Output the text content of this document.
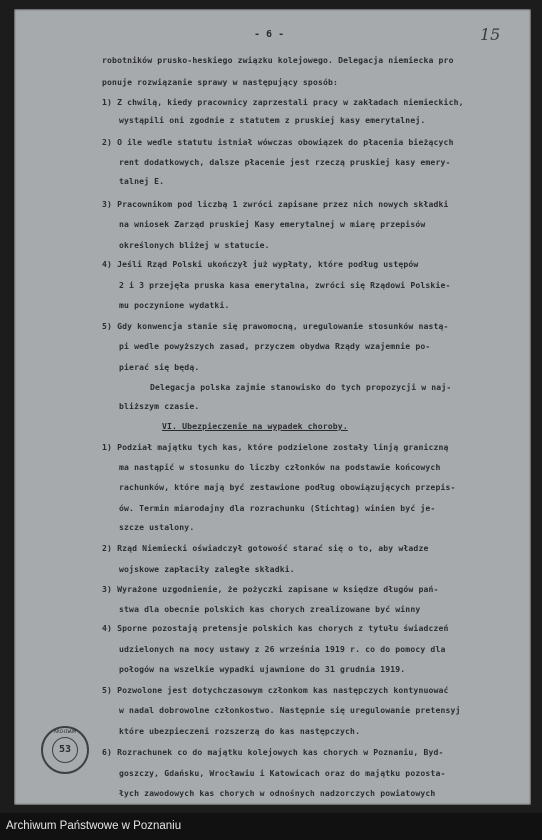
- 6 -	15
robotników prusko-heskiego związku kolejowego. Delegacja niemiecka pro
ponuje rozwiązanie sprawy w następujący sposób:
1) Z chwilą, kiedy pracownicy zaprzestali pracy w zakładach niemieckich,
wystąpili oni zgodnie z statutem z pruskiej kasy emerytalnej.
2) O ile wedle statutu istniał wówczas obowiązek do płacenia bieżących
rent dodatkowych, dalsze płacenie jest rzeczą pruskiej kasy emery-
talnej E.
3) Pracownikom pod liczbą 1 zwróci zapisane przez nich nowych składki
na wniosek Zarząd pruskiej Kasy emerytalnej w miarę przepisów
określonych bliżej w statucie.
4) Jeśli Rząd Polski ukończył już wypłaty, które podług ustępów
2 i 3 przejęła pruska kasa emerytalna, zwróci się Rządowi Polskie-
mu poczynione wydatki.
5) Gdy konwencja stanie się prawomocną, uregulowanie stosunków nastą-
pi wedle powyższych zasad, przyczem obydwa Rządy wzajemnie po-
pierać się będą.
Delegacja polska zajmie stanowisko do tych propozycji w naj-
bliższym czasie.
VI. Ubezpieczenie na wypadek choroby.
1) Podział majątku tych kas, które podzielone zostały linją graniczną
ma nastąpić w stosunku do liczby członków na podstawie końcowych
rachunków, które mają być zestawione podług obowiązujących przepis-
ów. Termin miarodajny dla rozrachunku (Stichtag) winien być je-
szcze ustalony.
2) Rząd Niemiecki oświadczył gotowość starać się o to, aby władze
wojskowe zapłaciły zaległe składki.
3) Wyrażone uzgodnienie, że pożyczki zapisane w księdze długów pań-
stwa dla obecnie polskich kas chorych zrealizowane być winny
4) Sporne pozostają pretensje polskich kas chorych z tytułu świadczeń
udzielonych na mocy ustawy z 26 września 1919 r. co do pomocy dla
połogów na wszelkie wypadki ujawnione do 31 grudnia 1919.
5) Pozwolone jest dotychczasowym członkom kas następczych kontynuować
w nadal dobrowolne członkostwo. Następnie się uregulowanie pretensyj
które ubezpieczeni rozszerzą do kas następczych.
6) Rozrachunek co do majątku kolejowych kas chorych w Poznaniu, Byd-
goszczy, Gdańsku, Wrocławiu i Katowicach oraz do majątku pozosta-
łych zawodowych kas chorych w odnośnych nadzorczych powiatowych
ARCHIWUM
53
Archiwum Państwowe w Poznaniu
